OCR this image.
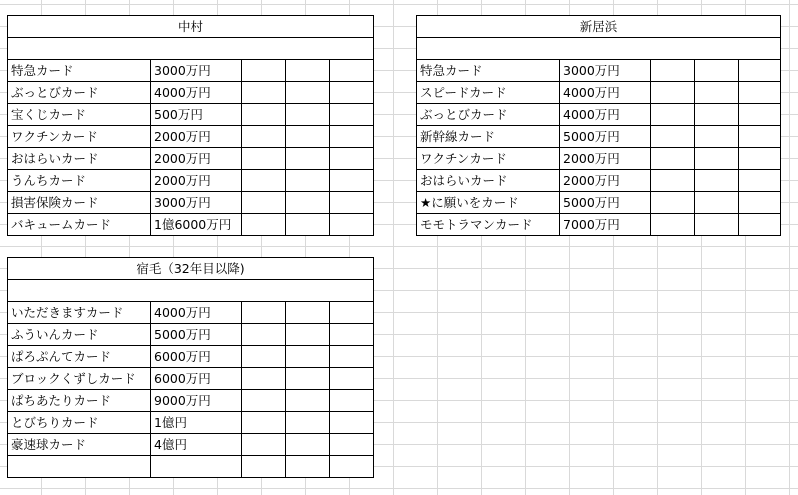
中村				

特急カード	3000万円			
ぶっとびカード	4000万円			
宝くじカード	500万円			
ワクチンカード	2000万円			
おはらいカード	2000万円			
うんちカード	2000万円			
損害保険カード	3000万円			
バキュームカード	1億6000万円			
新居浜				

特急カード	3000万円			
スピードカード	4000万円			
ぶっとびカード	4000万円			
新幹線カード	5000万円			
ワクチンカード	2000万円			
おはらいカード	2000万円			
★に願いをカード	5000万円			
モモトラマンカード	7000万円			
宿毛（32年目以降)				

いただきますカード	4000万円			
ふういんカード	5000万円			
ぱろぷんてカード	6000万円			
ブロックくずしカード	6000万円			
ぱちあたりカード	9000万円			
とびちりカード	1億円			
豪速球カード	4億円			
